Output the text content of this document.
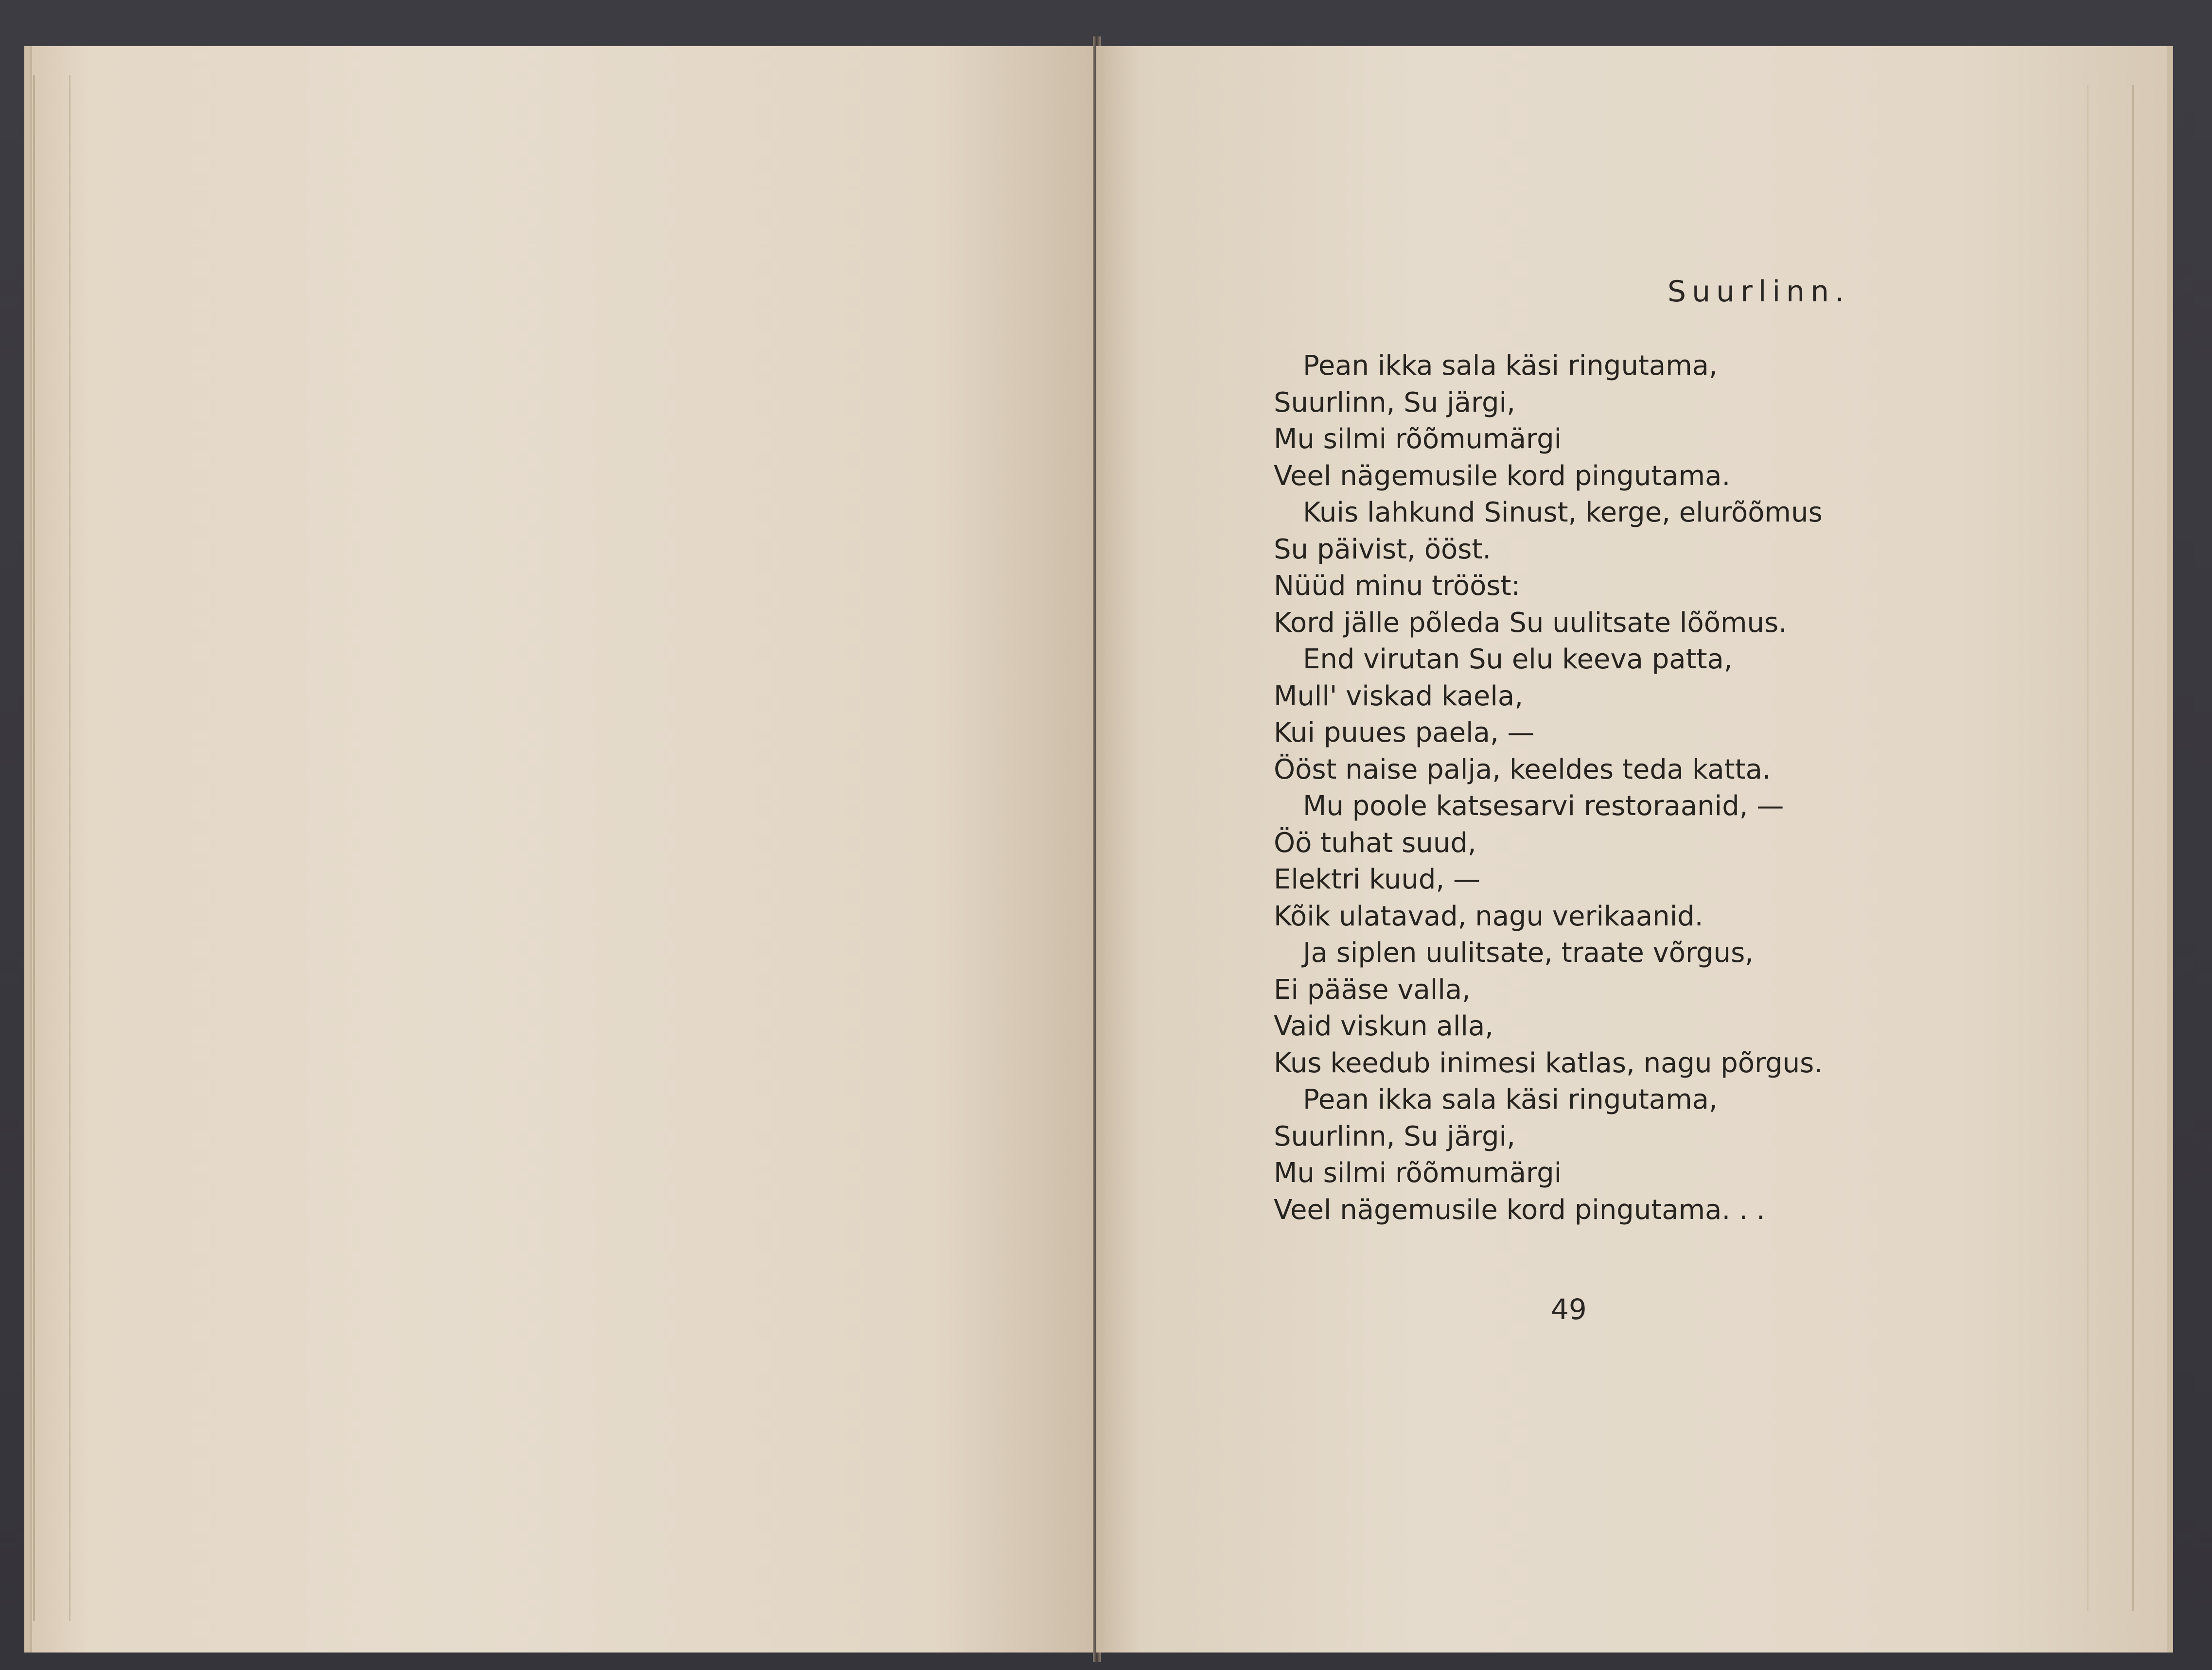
Suurlinn.
Pean ikka sala käsi ringutama,
Suurlinn, Su järgi,
Mu silmi rõõmumärgi
Veel nägemusile kord pingutama.
Kuis lahkund Sinust, kerge, elurõõmus
Su päivist, ööst.
Nüüd minu trööst:
Kord jälle põleda Su uulitsate lõõmus.
End virutan Su elu keeva patta,
Mull' viskad kaela,
Kui puues paela, —
Ööst naise palja, keeldes teda katta.
Mu poole katsesarvi restoraanid, —
Öö tuhat suud,
Elektri kuud, —
Kõik ulatavad, nagu verikaanid.
Ja siplen uulitsate, traate võrgus,
Ei pääse valla,
Vaid viskun alla,
Kus keedub inimesi katlas, nagu põrgus.
Pean ikka sala käsi ringutama,
Suurlinn, Su järgi,
Mu silmi rõõmumärgi
Veel nägemusile kord pingutama. . .
49
